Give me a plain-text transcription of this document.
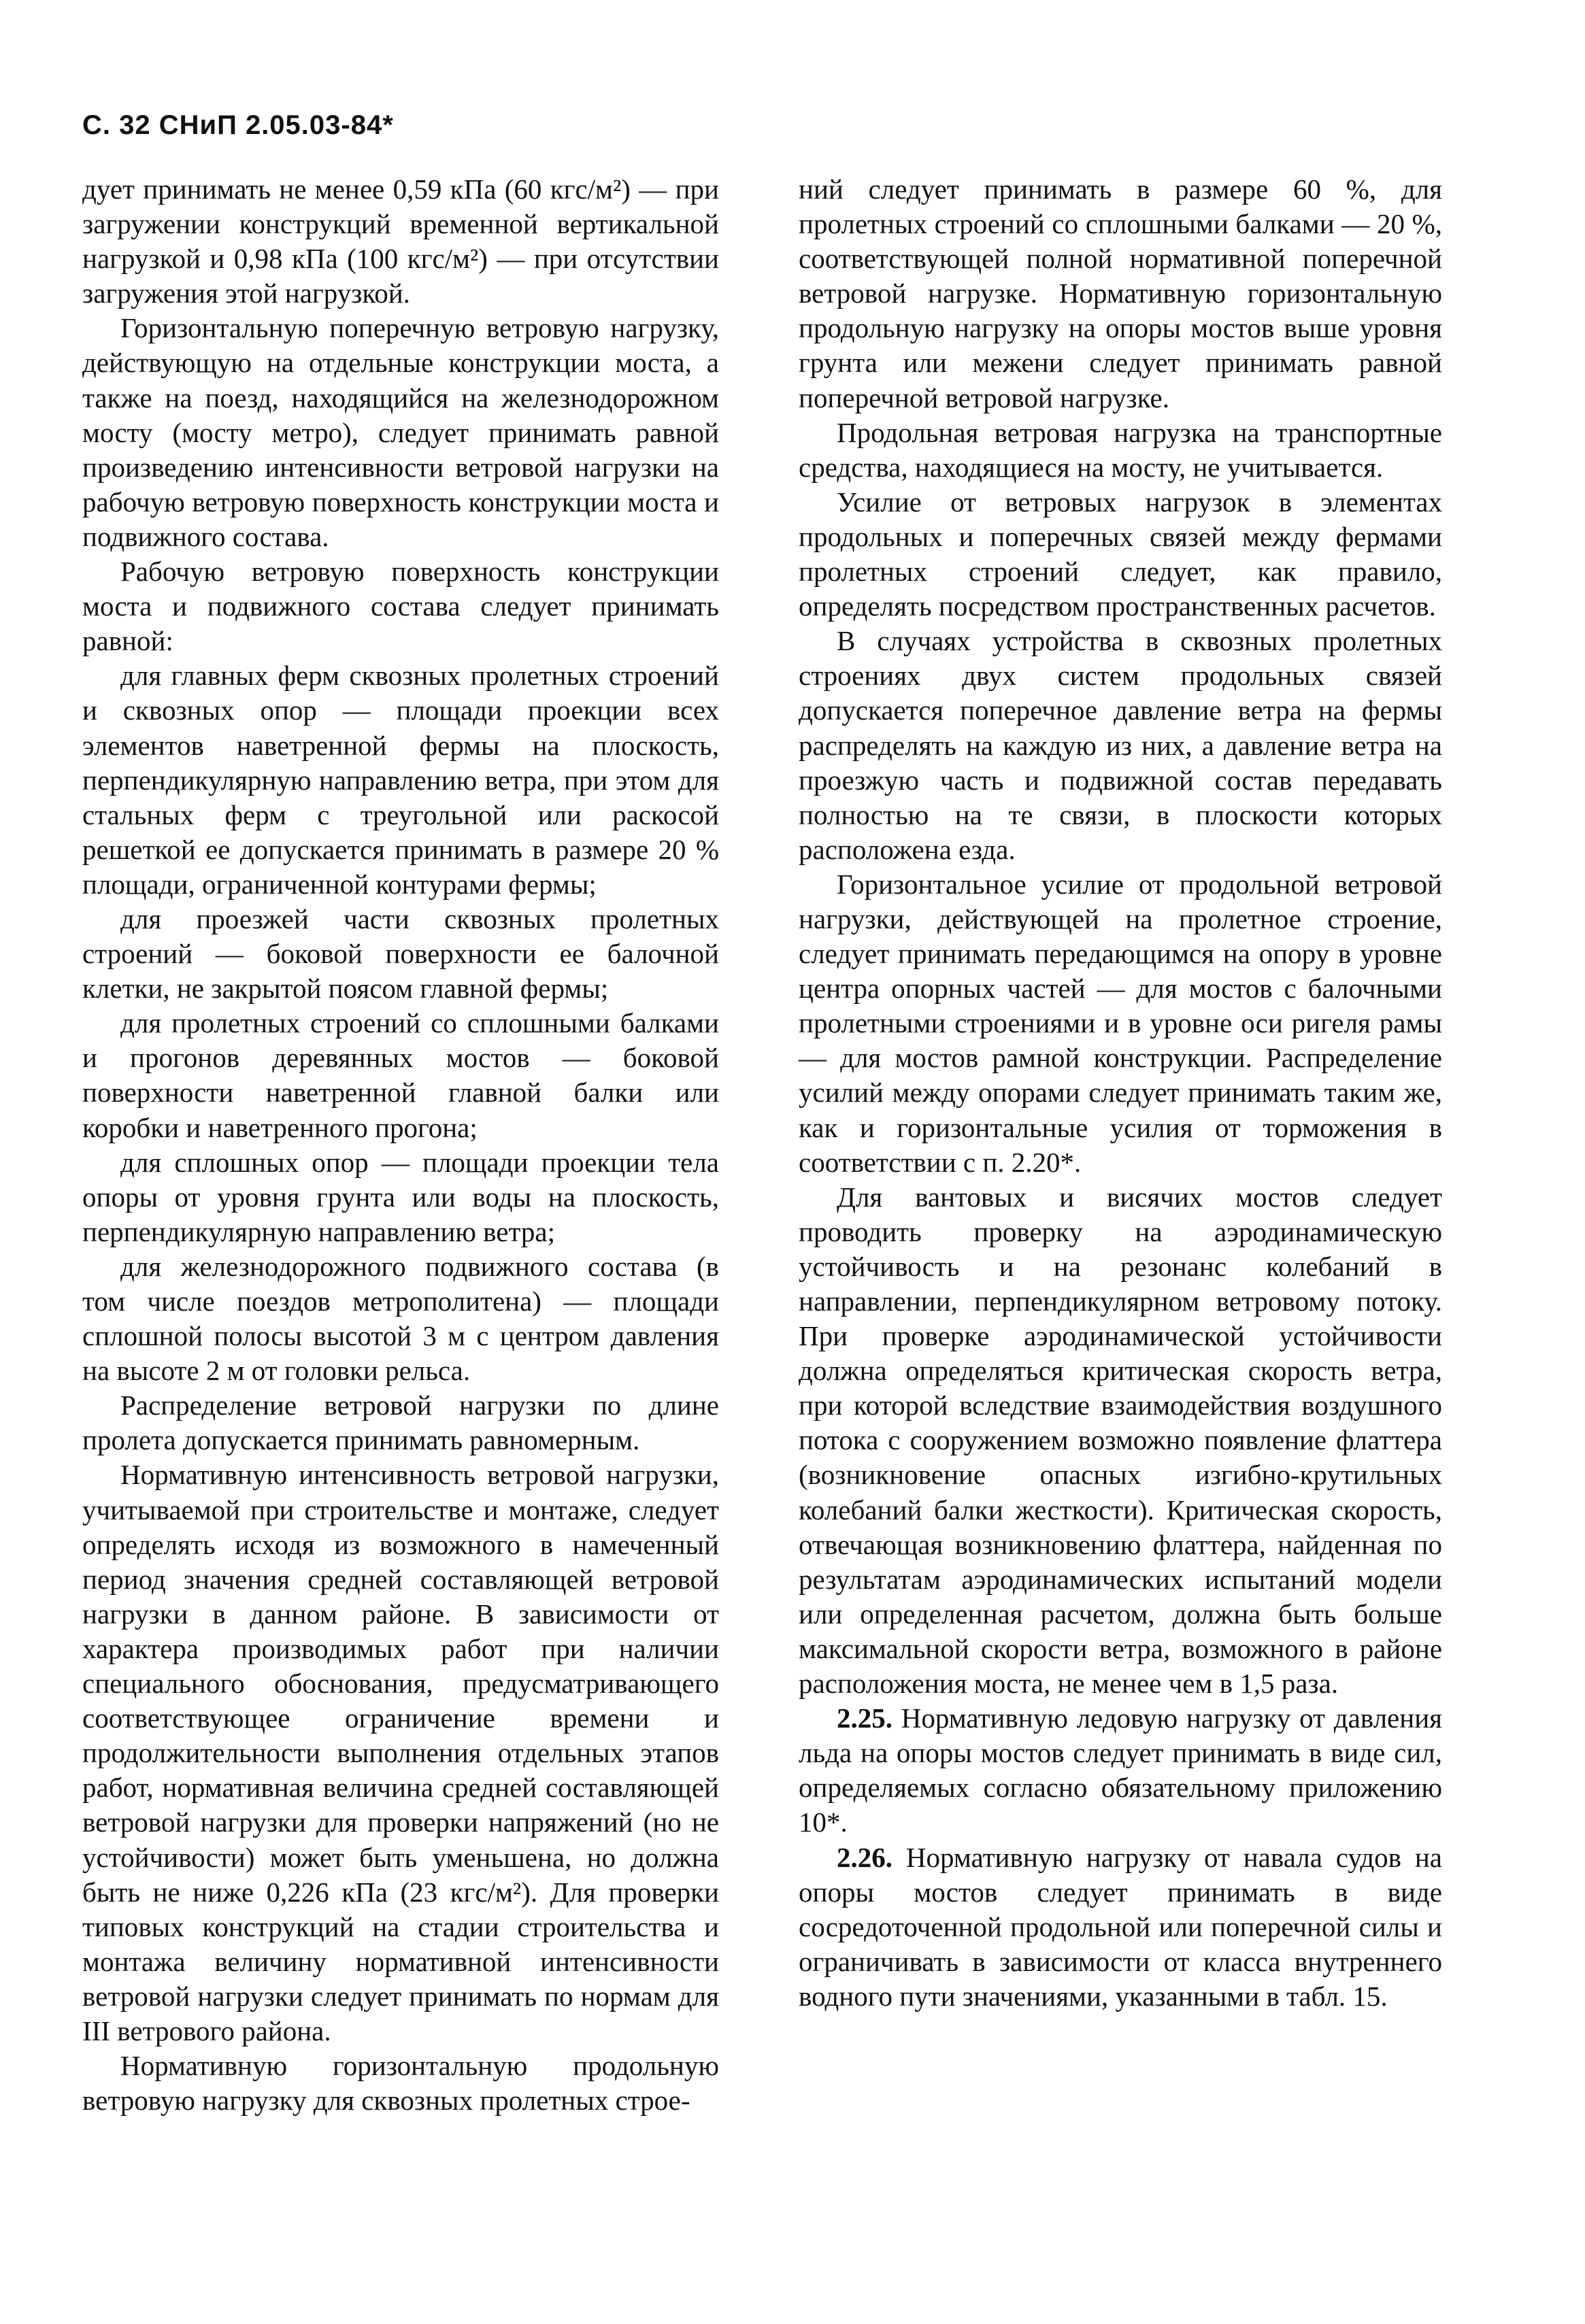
С. 32 СНиП 2.05.03-84*

дует принимать не менее 0,59 кПа (60 кгс/м²) — при загружении конструкций временной вертикальной нагрузкой и 0,98 кПа (100 кгс/м²) — при отсутствии загружения этой нагрузкой.

Горизонтальную поперечную ветровую нагрузку, действующую на отдельные конструкции моста, а также на поезд, находящийся на железнодорожном мосту (мосту метро), следует принимать равной произведению интенсивности ветровой нагрузки на рабочую ветровую поверхность конструкции моста и подвижного состава.

Рабочую ветровую поверхность конструкции моста и подвижного состава следует принимать равной:

для главных ферм сквозных пролетных строений и сквозных опор — площади проекции всех элементов наветренной фермы на плоскость, перпендикулярную направлению ветра, при этом для стальных ферм с треугольной или раскосой решеткой ее допускается принимать в размере 20 % площади, ограниченной контурами фермы;

для проезжей части сквозных пролетных строений — боковой поверхности ее балочной клетки, не закрытой поясом главной фермы;

для пролетных строений со сплошными балками и прогонов деревянных мостов — боковой поверхности наветренной главной балки или коробки и наветренного прогона;

для сплошных опор — площади проекции тела опоры от уровня грунта или воды на плоскость, перпендикулярную направлению ветра;

для железнодорожного подвижного состава (в том числе поездов метрополитена) — площади сплошной полосы высотой 3 м с центром давления на высоте 2 м от головки рельса.

Распределение ветровой нагрузки по длине пролета допускается принимать равномерным.

Нормативную интенсивность ветровой нагрузки, учитываемой при строительстве и монтаже, следует определять исходя из возможного в намеченный период значения средней составляющей ветровой нагрузки в данном районе. В зависимости от характера производимых работ при наличии специального обоснования, предусматривающего соответствующее ограничение времени и продолжительности выполнения отдельных этапов работ, нормативная величина средней составляющей ветровой нагрузки для проверки напряжений (но не устойчивости) может быть уменьшена, но должна быть не ниже 0,226 кПа (23 кгс/м²). Для проверки типовых конструкций на стадии строительства и монтажа величину нормативной интенсивности ветровой нагрузки следует принимать по нормам для III ветрового района.

Нормативную горизонтальную продольную ветровую нагрузку для сквозных пролетных строе-

ний следует принимать в размере 60 %, для пролетных строений со сплошными балками — 20 %, соответствующей полной нормативной поперечной ветровой нагрузке. Нормативную горизонтальную продольную нагрузку на опоры мостов выше уровня грунта или межени следует принимать равной поперечной ветровой нагрузке.

Продольная ветровая нагрузка на транспортные средства, находящиеся на мосту, не учитывается.

Усилие от ветровых нагрузок в элементах продольных и поперечных связей между фермами пролетных строений следует, как правило, определять посредством пространственных расчетов.

В случаях устройства в сквозных пролетных строениях двух систем продольных связей допускается поперечное давление ветра на фермы распределять на каждую из них, а давление ветра на проезжую часть и подвижной состав передавать полностью на те связи, в плоскости которых расположена езда.

Горизонтальное усилие от продольной ветровой нагрузки, действующей на пролетное строение, следует принимать передающимся на опору в уровне центра опорных частей — для мостов с балочными пролетными строениями и в уровне оси ригеля рамы — для мостов рамной конструкции. Распределение усилий между опорами следует принимать таким же, как и горизонтальные усилия от торможения в соответствии с п. 2.20*.

Для вантовых и висячих мостов следует проводить проверку на аэродинамическую устойчивость и на резонанс колебаний в направлении, перпендикулярном ветровому потоку. При проверке аэродинамической устойчивости должна определяться критическая скорость ветра, при которой вследствие взаимодействия воздушного потока с сооружением возможно появление флаттера (возникновение опасных изгибно-крутильных колебаний балки жесткости). Критическая скорость, отвечающая возникновению флаттера, найденная по результатам аэродинамических испытаний модели или определенная расчетом, должна быть больше максимальной скорости ветра, возможного в районе расположения моста, не менее чем в 1,5 раза.

2.25. Нормативную ледовую нагрузку от давления льда на опоры мостов следует принимать в виде сил, определяемых согласно обязательному приложению 10*.

2.26. Нормативную нагрузку от навала судов на опоры мостов следует принимать в виде сосредоточенной продольной или поперечной силы и ограничивать в зависимости от класса внутреннего водного пути значениями, указанными в табл. 15.
